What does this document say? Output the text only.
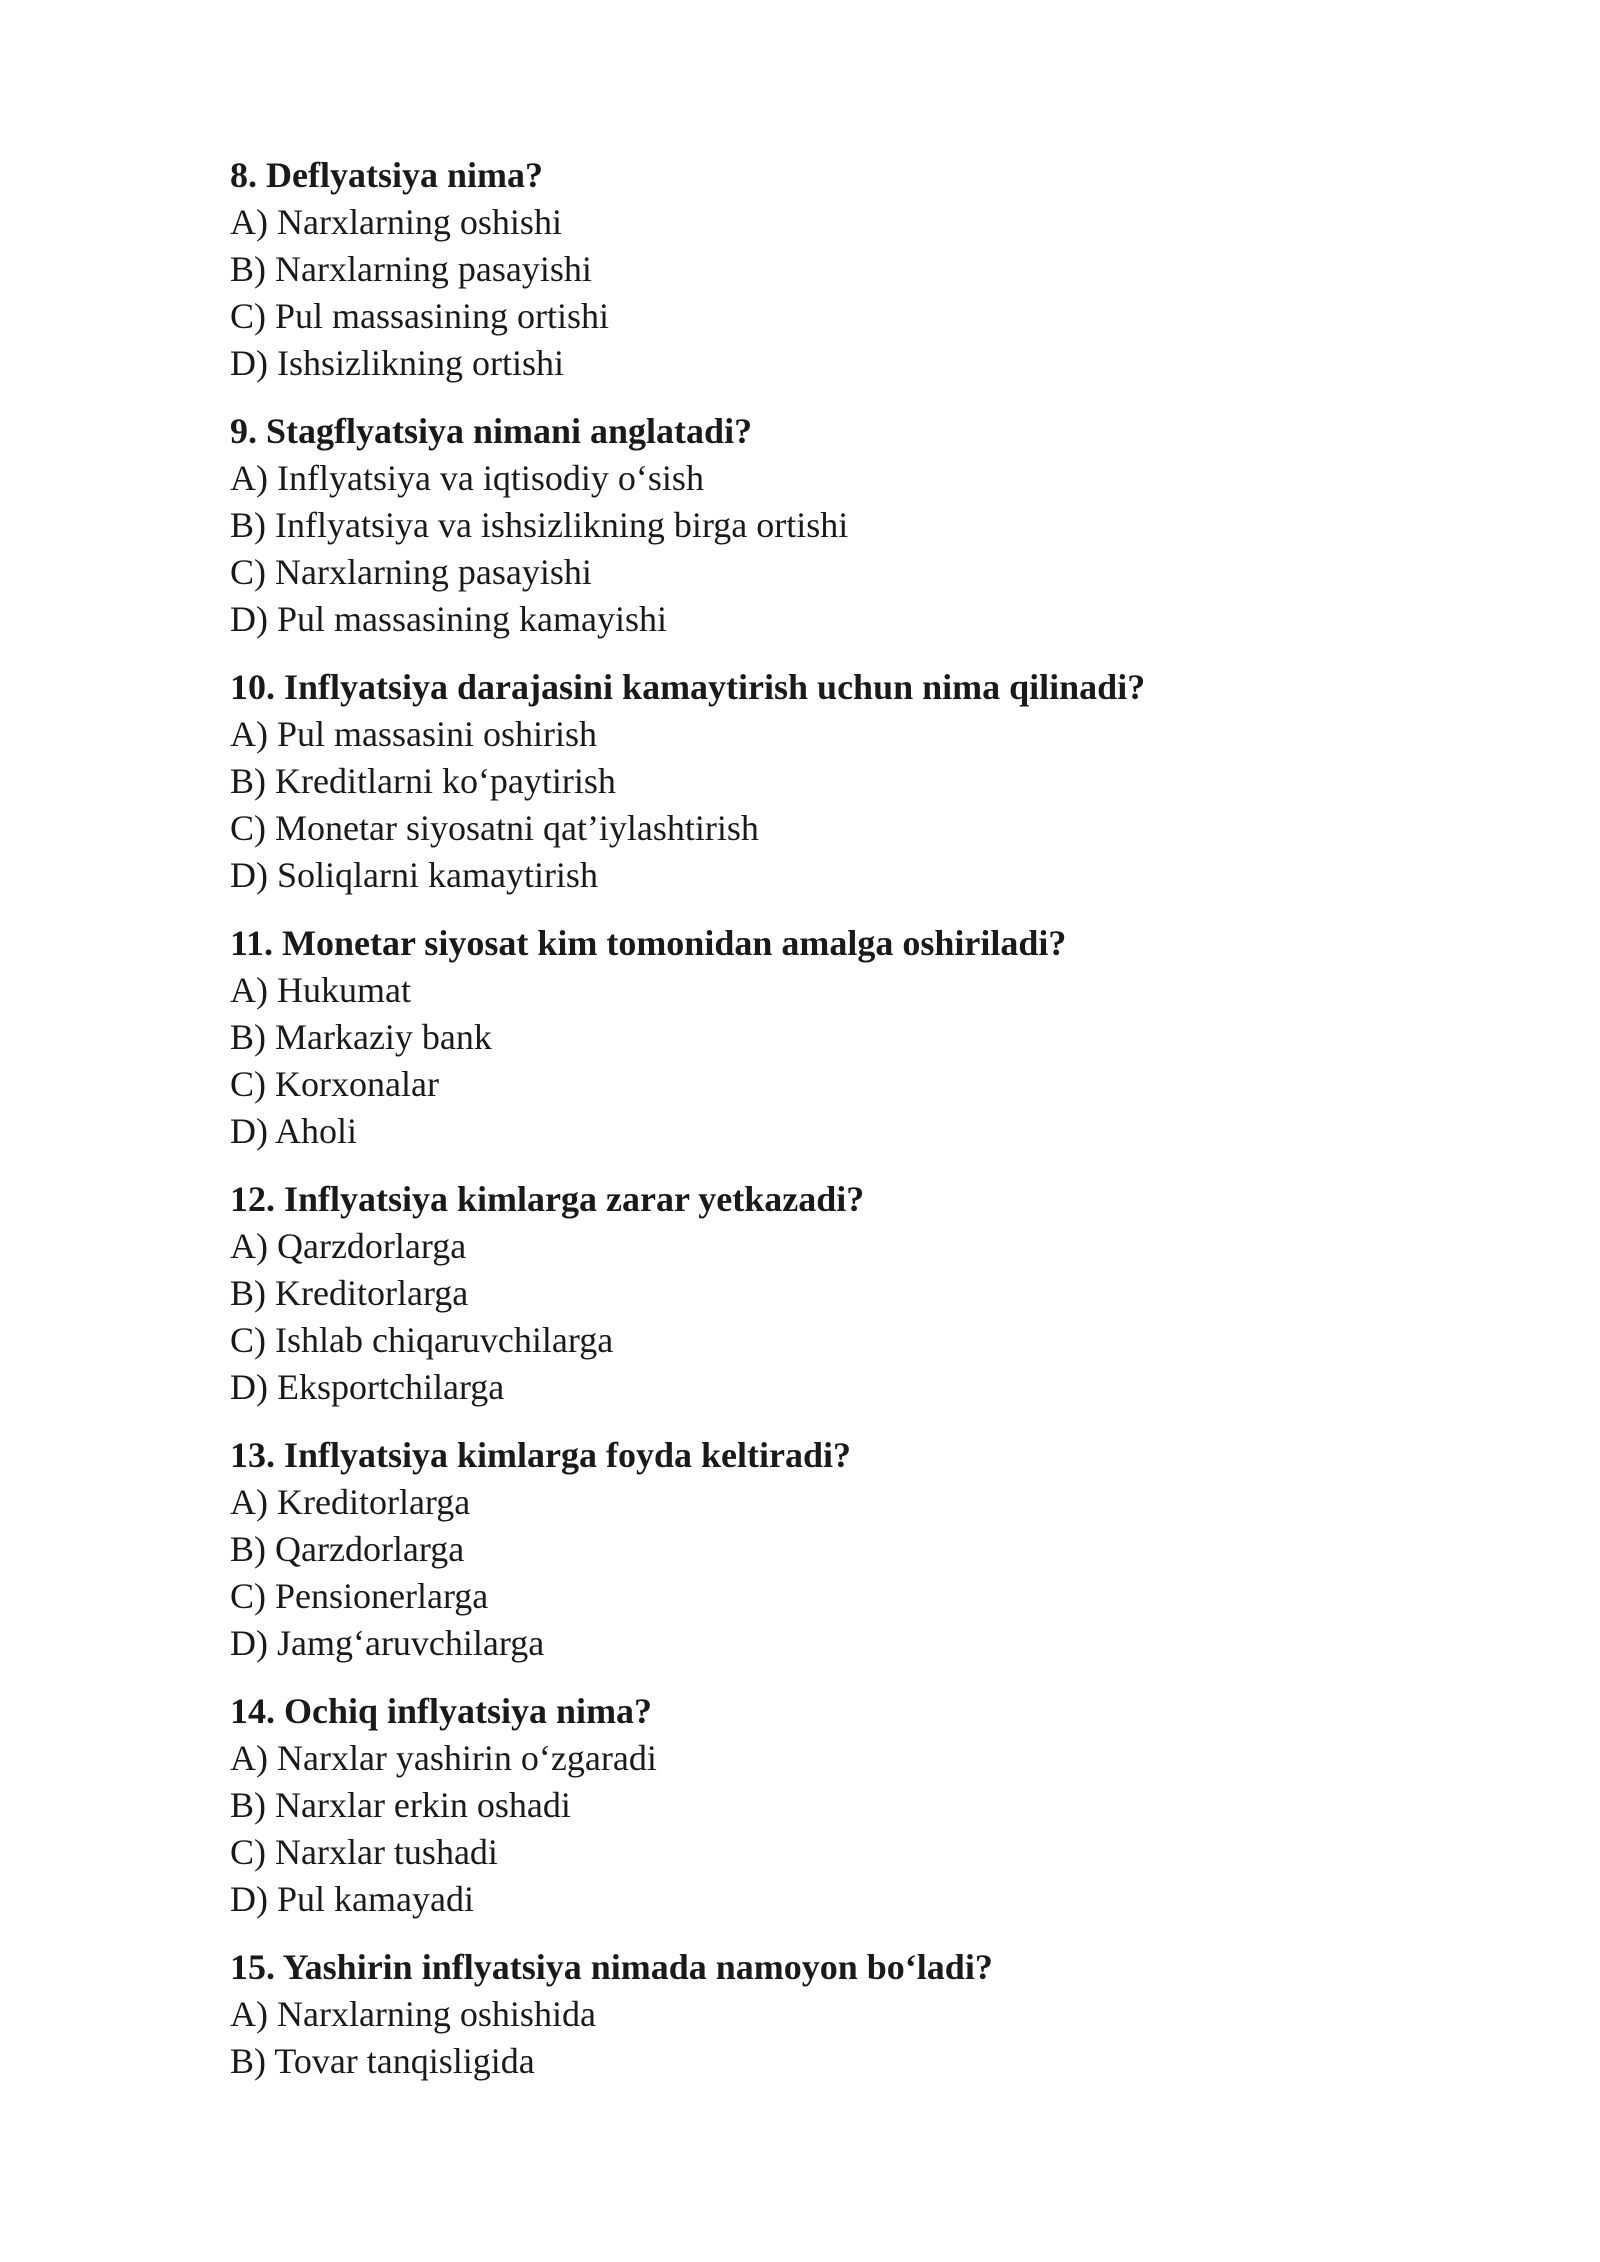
8. Deflyatsiya nima?
A) Narxlarning oshishi
B) Narxlarning pasayishi
C) Pul massasining ortishi
D) Ishsizlikning ortishi
9. Stagflyatsiya nimani anglatadi?
A) Inflyatsiya va iqtisodiy o‘sish
B) Inflyatsiya va ishsizlikning birga ortishi
C) Narxlarning pasayishi
D) Pul massasining kamayishi
10. Inflyatsiya darajasini kamaytirish uchun nima qilinadi?
A) Pul massasini oshirish
B) Kreditlarni ko‘paytirish
C) Monetar siyosatni qat’iylashtirish
D) Soliqlarni kamaytirish
11. Monetar siyosat kim tomonidan amalga oshiriladi?
A) Hukumat
B) Markaziy bank
C) Korxonalar
D) Aholi
12. Inflyatsiya kimlarga zarar yetkazadi?
A) Qarzdorlarga
B) Kreditorlarga
C) Ishlab chiqaruvchilarga
D) Eksportchilarga
13. Inflyatsiya kimlarga foyda keltiradi?
A) Kreditorlarga
B) Qarzdorlarga
C) Pensionerlarga
D) Jamg‘aruvchilarga
14. Ochiq inflyatsiya nima?
A) Narxlar yashirin o‘zgaradi
B) Narxlar erkin oshadi
C) Narxlar tushadi
D) Pul kamayadi
15. Yashirin inflyatsiya nimada namoyon bo‘ladi?
A) Narxlarning oshishida
B) Tovar tanqisligida
